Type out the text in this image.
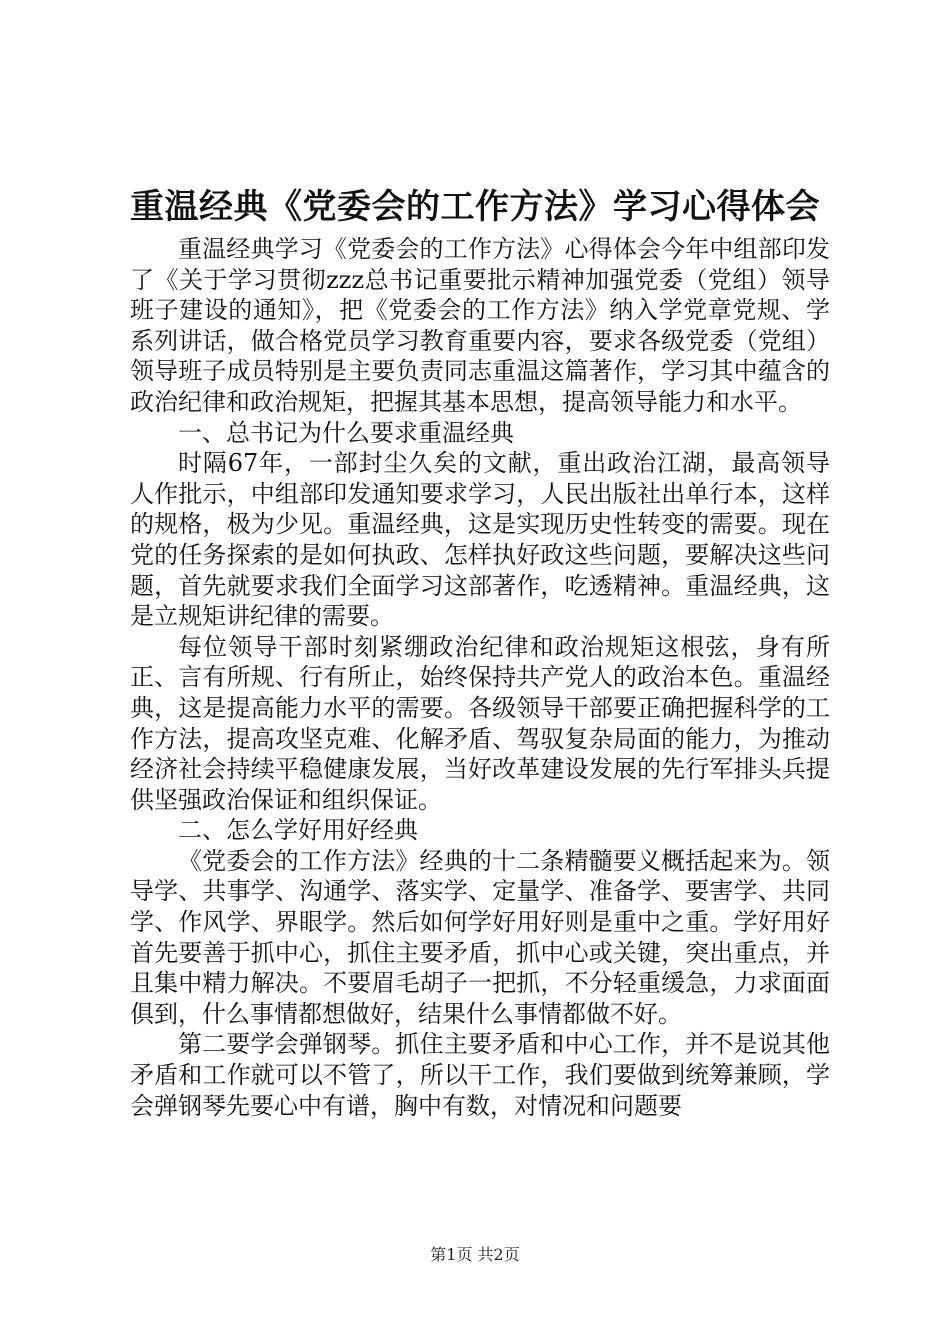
重温经典《党委会的工作方法》学习心得体会

重温经典学习《党委会的工作方法》心得体会今年中组部印发了《关于学习贯彻zzz总书记重要批示精神加强党委（党组）领导班子建设的通知》，把《党委会的工作方法》纳入学党章党规、学系列讲话，做合格党员学习教育重要内容，要求各级党委（党组）领导班子成员特别是主要负责同志重温这篇著作，学习其中蕴含的政治纪律和政治规矩，把握其基本思想，提高领导能力和水平。

一、总书记为什么要求重温经典

时隔67年，一部封尘久矣的文献，重出政治江湖，最高领导人作批示，中组部印发通知要求学习，人民出版社出单行本，这样的规格，极为少见。重温经典，这是实现历史性转变的需要。现在党的任务探索的是如何执政、怎样执好政这些问题，要解决这些问题，首先就要求我们全面学习这部著作，吃透精神。重温经典，这是立规矩讲纪律的需要。

每位领导干部时刻紧绷政治纪律和政治规矩这根弦，身有所正、言有所规、行有所止，始终保持共产党人的政治本色。重温经典，这是提高能力水平的需要。各级领导干部要正确把握科学的工作方法，提高攻坚克难、化解矛盾、驾驭复杂局面的能力，为推动经济社会持续平稳健康发展，当好改革建设发展的先行军排头兵提供坚强政治保证和组织保证。

二、怎么学好用好经典

《党委会的工作方法》经典的十二条精髓要义概括起来为。领导学、共事学、沟通学、落实学、定量学、准备学、要害学、共同学、作风学、界眼学。然后如何学好用好则是重中之重。学好用好首先要善于抓中心，抓住主要矛盾，抓中心或关键，突出重点，并且集中精力解决。不要眉毛胡子一把抓，不分轻重缓急，力求面面俱到，什么事情都想做好，结果什么事情都做不好。

第二要学会弹钢琴。抓住主要矛盾和中心工作，并不是说其他矛盾和工作就可以不管了，所以干工作，我们要做到统筹兼顾，学会弹钢琴先要心中有谱，胸中有数，对情况和问题要

第1页 共2页
